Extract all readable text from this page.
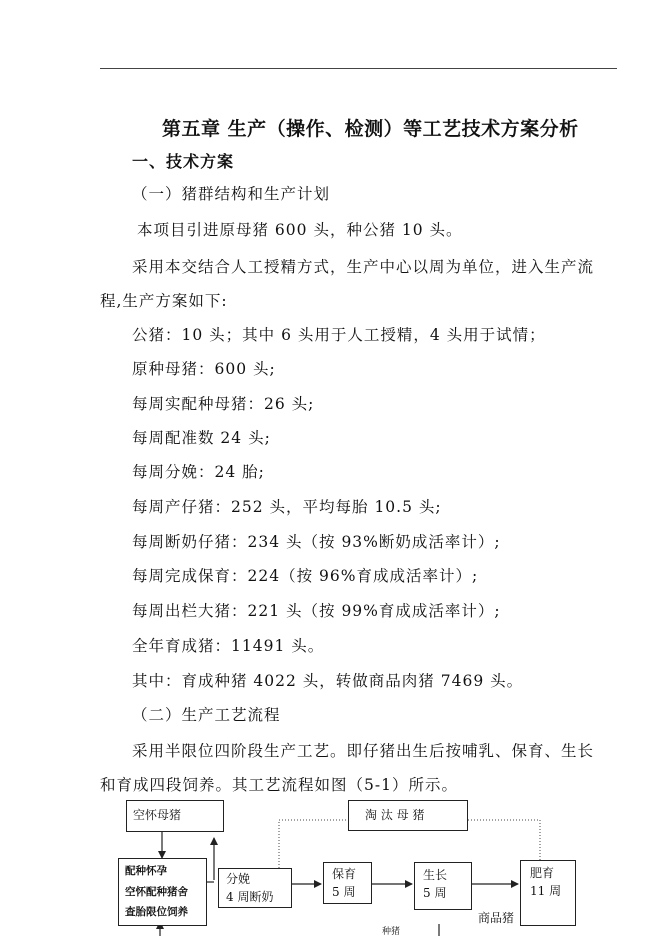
第五章 生产（操作、检测）等工艺技术方案分析
一、技术方案
（一）猪群结构和生产计划
本项目引进原母猪 600 头，种公猪 10 头。
采用本交结合人工授精方式，生产中心以周为单位，进入生产流
程,生产方案如下:
公猪：10 头；其中 6 头用于人工授精，4 头用于试情；
原种母猪：600 头;
每周实配种母猪：26 头;
每周配准数 24 头;
每周分娩：24 胎;
每周产仔猪：252 头，平均每胎 10.5 头;
每周断奶仔猪：234 头（按 93%断奶成活率计）;
每周完成保育：224（按 96%育成成活率计）;
每周出栏大猪：221 头（按 99%育成成活率计）;
全年育成猪：11491 头。
其中：育成种猪 4022 头，转做商品肉猪 7469 头。
（二）生产工艺流程
采用半限位四阶段生产工艺。即仔猪出生后按哺乳、保育、生长
和育成四段饲养。其工艺流程如图（5-1）所示。
空怀母猪	淘 汰 母 猪
配种怀孕
空怀配种猪舍
查胎限位饲养
分娩
4 周断奶
保育
5 周
生长
5 周
肥育
11 周
商品猪
种猪
